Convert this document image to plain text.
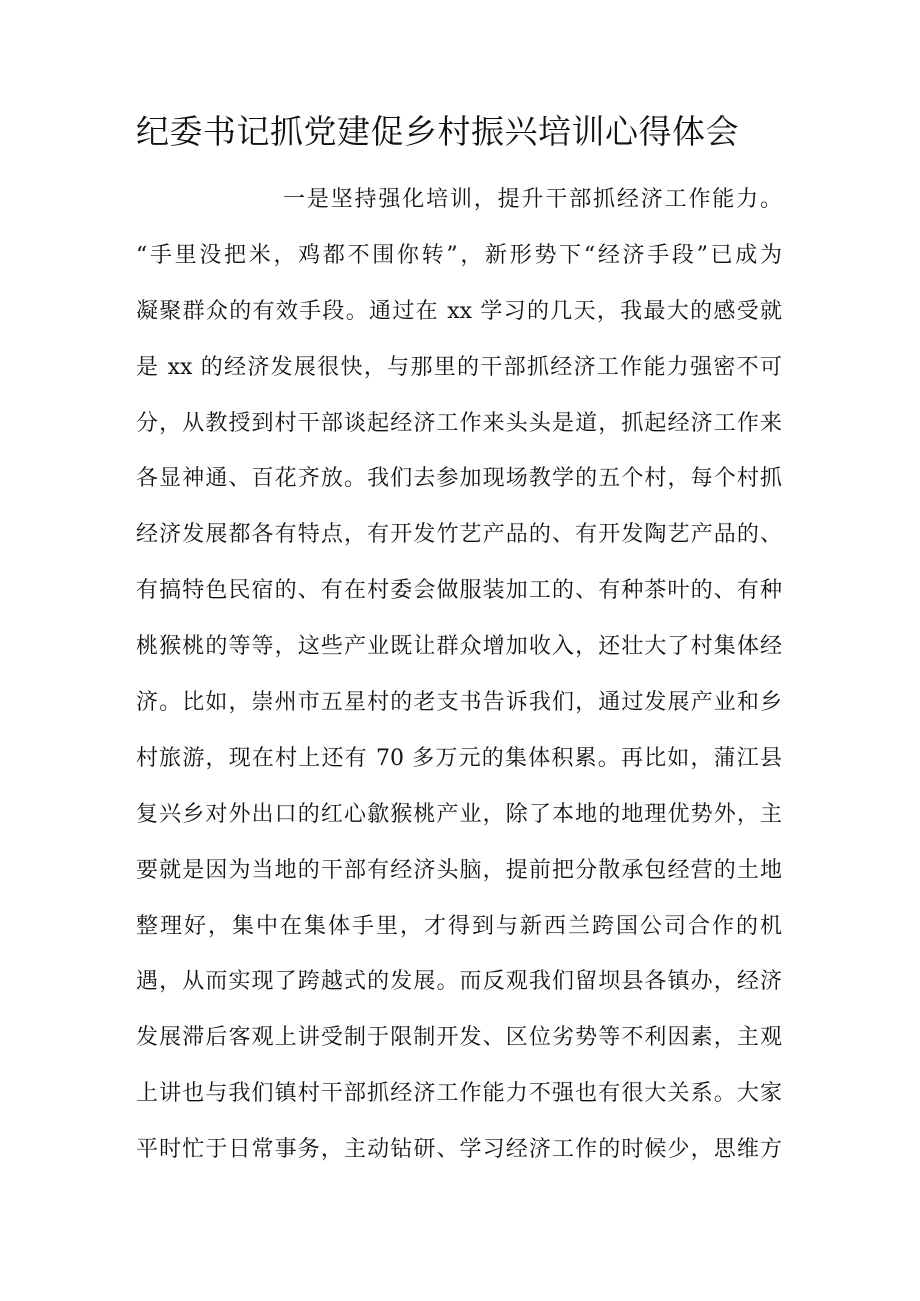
纪委书记抓党建促乡村振兴培训心得体会
一是坚持强化培训，提升干部抓经济工作能力。
“手里没把米，鸡都不围你转”，新形势下“经济手段”已成为
凝聚群众的有效手段。通过在 xx 学习的几天，我最大的感受就
是 xx 的经济发展很快，与那里的干部抓经济工作能力强密不可
分，从教授到村干部谈起经济工作来头头是道，抓起经济工作来
各显神通、百花齐放。我们去参加现场教学的五个村，每个村抓
经济发展都各有特点，有开发竹艺产品的、有开发陶艺产品的、
有搞特色民宿的、有在村委会做服装加工的、有种茶叶的、有种
桃猴桃的等等，这些产业既让群众增加收入，还壮大了村集体经
济。比如，崇州市五星村的老支书告诉我们，通过发展产业和乡
村旅游，现在村上还有 70 多万元的集体积累。再比如，蒲江县
复兴乡对外出口的红心歙猴桃产业，除了本地的地理优势外，主
要就是因为当地的干部有经济头脑，提前把分散承包经营的土地
整理好，集中在集体手里，才得到与新西兰跨国公司合作的机
遇，从而实现了跨越式的发展。而反观我们留坝县各镇办，经济
发展滞后客观上讲受制于限制开发、区位劣势等不利因素，主观
上讲也与我们镇村干部抓经济工作能力不强也有很大关系。大家
平时忙于日常事务，主动钻研、学习经济工作的时候少，思维方
